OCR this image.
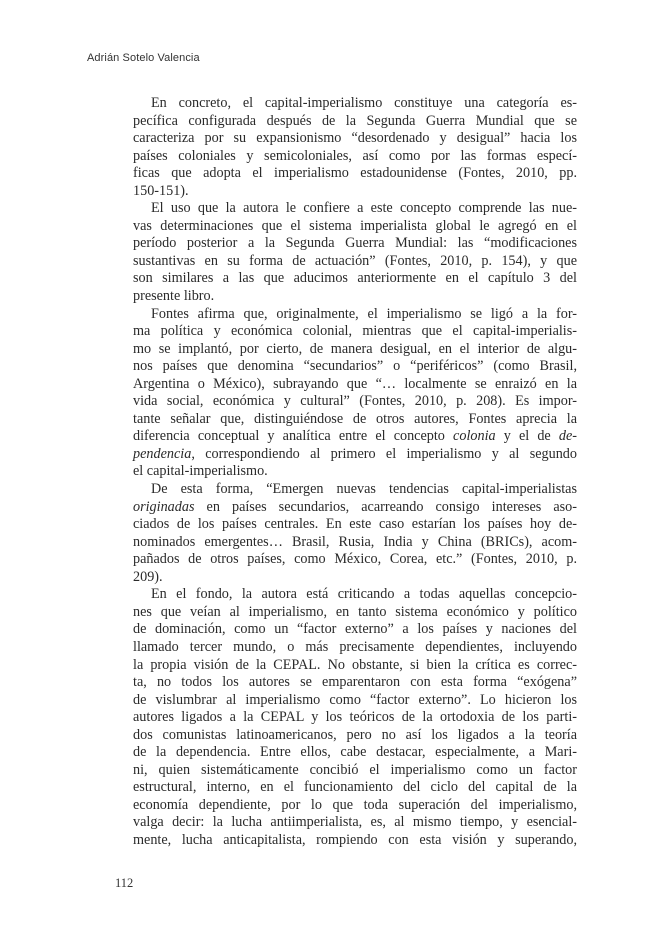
Adrián Sotelo Valencia

En concreto, el capital-imperialismo constituye una categoría es-
pecífica configurada después de la Segunda Guerra Mundial que se
caracteriza por su expansionismo “desordenado y desigual” hacia los
países coloniales y semicoloniales, así como por las formas especí-
ficas que adopta el imperialismo estadounidense (Fontes, 2010, pp.
150-151).

El uso que la autora le confiere a este concepto comprende las nue-
vas determinaciones que el sistema imperialista global le agregó en el
período posterior a la Segunda Guerra Mundial: las “modificaciones
sustantivas en su forma de actuación” (Fontes, 2010, p. 154), y que
son similares a las que aducimos anteriormente en el capítulo 3 del
presente libro.

Fontes afirma que, originalmente, el imperialismo se ligó a la for-
ma política y económica colonial, mientras que el capital-imperialis-
mo se implantó, por cierto, de manera desigual, en el interior de algu-
nos países que denomina “secundarios” o “periféricos” (como Brasil,
Argentina o México), subrayando que “… localmente se enraizó en la
vida social, económica y cultural” (Fontes, 2010, p. 208). Es impor-
tante señalar que, distinguiéndose de otros autores, Fontes aprecia la
diferencia conceptual y analítica entre el concepto colonia y el de de-
pendencia, correspondiendo al primero el imperialismo y al segundo
el capital-imperialismo.

De esta forma, “Emergen nuevas tendencias capital-imperialistas
originadas en países secundarios, acarreando consigo intereses aso-
ciados de los países centrales. En este caso estarían los países hoy de-
nominados emergentes… Brasil, Rusia, India y China (BRICs), acom-
pañados de otros países, como México, Corea, etc.” (Fontes, 2010, p.
209).

En el fondo, la autora está criticando a todas aquellas concepcio-
nes que veían al imperialismo, en tanto sistema económico y político
de dominación, como un “factor externo” a los países y naciones del
llamado tercer mundo, o más precisamente dependientes, incluyendo
la propia visión de la CEPAL. No obstante, si bien la crítica es correc-
ta, no todos los autores se emparentaron con esta forma “exógena”
de vislumbrar al imperialismo como “factor externo”. Lo hicieron los
autores ligados a la CEPAL y los teóricos de la ortodoxia de los parti-
dos comunistas latinoamericanos, pero no así los ligados a la teoría
de la dependencia. Entre ellos, cabe destacar, especialmente, a Mari-
ni, quien sistemáticamente concibió el imperialismo como un factor
estructural, interno, en el funcionamiento del ciclo del capital de la
economía dependiente, por lo que toda superación del imperialismo,
valga decir: la lucha antiimperialista, es, al mismo tiempo, y esencial-
mente, lucha anticapitalista, rompiendo con esta visión y superando,

112
